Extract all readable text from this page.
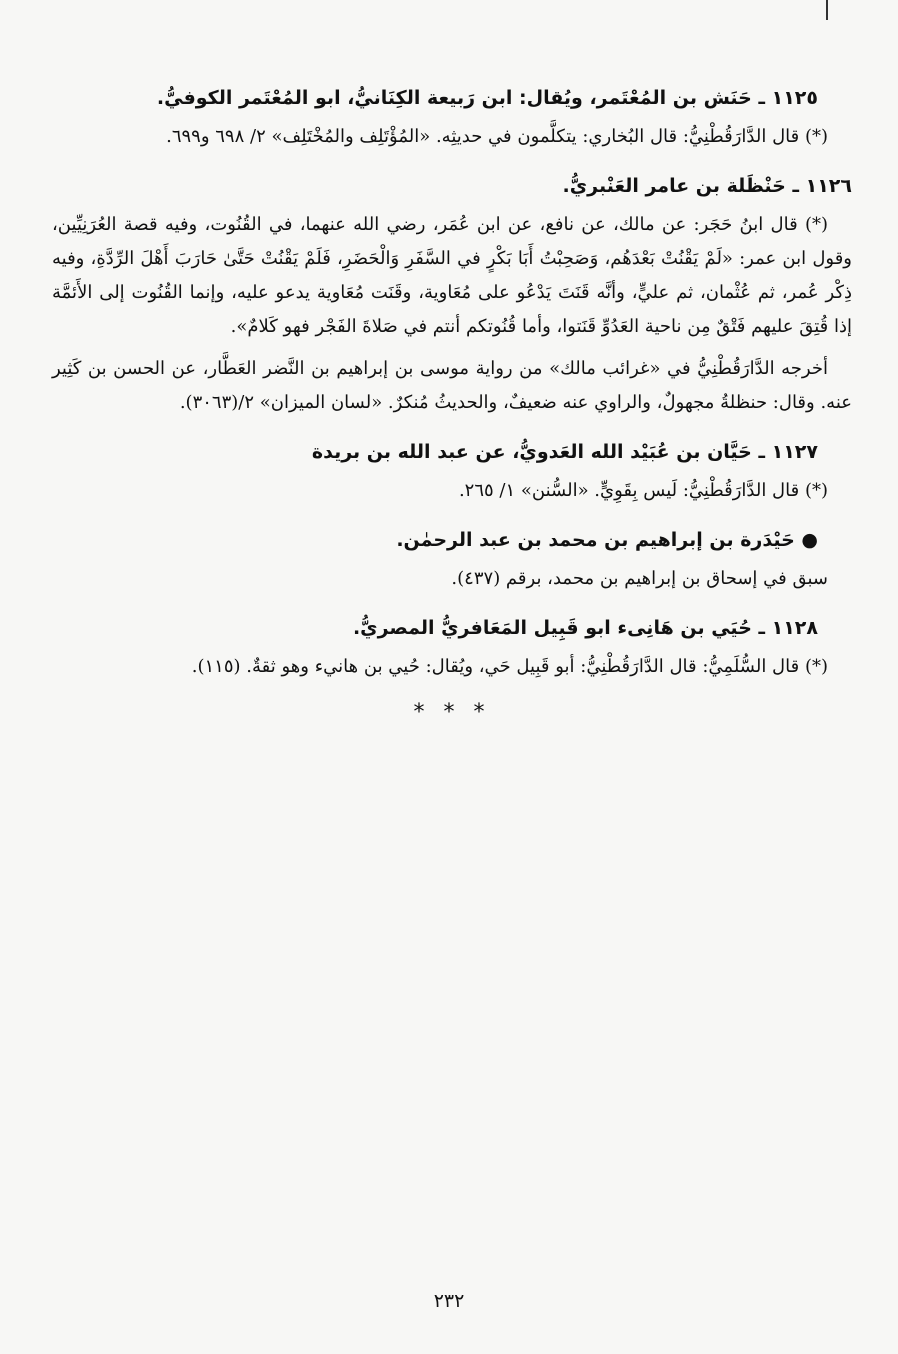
١١٢٥ ـ حَنَش بن المُعْتَمر، ويُقال: ابن رَبيعة الكِنَانيُّ، ابو المُعْتَمر الكوفيُّ.

(*) قال الدَّارَقُطْنِيُّ: قال البُخاري: يتكلَّمون في حديثِه. «المُؤْتَلِف والمُخْتَلِف» ٢/ ٦٩٨ و٦٩٩.

١١٢٦ ـ حَنْظَلة بن عامر العَنْبريُّ.

(*) قال ابنُ حَجَر: عن مالك، عن نافع، عن ابن عُمَر، رضي الله عنهما، في القُنُوت، وفيه قصة العُرَنِيِّين، وقول ابن عمر: «لَمْ يَقْنُتْ بَعْدَهُم، وَصَحِبْتُ أَبَا بَكْرٍ في السَّفَرِ وَالْحَضَرِ، فَلَمْ يَقْنُتْ حَتَّىٰ حَارَبَ أَهْلَ الرِّدَّةِ، وفيه ذِكْر عُمر، ثم عُثْمان، ثم عليٍّ، وأنَّه قَنَتَ يَدْعُو على مُعَاوية، وقَنَت مُعَاوية يدعو عليه، وإنما القُنُوت إلى الأَئمَّة إذا قُتِقَ عليهم فَتْقٌ مِن ناحية العَدُوِّ قَنَتوا، وأما قُنُوتكم أنتم في صَلاةَ الفَجْر فهو كَلامٌ».

أخرجه الدَّارَقُطْنِيُّ في «غرائب مالك» من رواية موسى بن إبراهيم بن النَّضر العَطَّار، عن الحسن بن كَثِير عنه. وقال: حنظلةُ مجهولٌ، والراوي عنه ضعيفٌ، والحديثُ مُنكرٌ. «لسان الميزان» ٢/(٣٠٦٣).

١١٢٧ ـ حَيَّان بن عُبَيْد الله العَدويُّ، عن عبد الله بن بريدة

(*) قال الدَّارَقُطْنِيُّ: لَيس بِقَوِيٍّ. «السُّنن» ١/ ٢٦٥.

● حَيْدَرة بن إبراهيم بن محمد بن عبد الرحمٰن.

سبق في إسحاق بن إبراهيم بن محمد، برقم (٤٣٧).

١١٢٨ ـ حُيَي بن هَانِىء ابو قَبِيل المَعَافريُّ المصريُّ.

(*) قال السُّلَمِيُّ: قال الدَّارَقُطْنِيُّ: أبو قَبِيل حَي، ويُقال: حُيي بن هانيء وهو ثقةٌ. (١١٥).

* * *
٢٣٢
